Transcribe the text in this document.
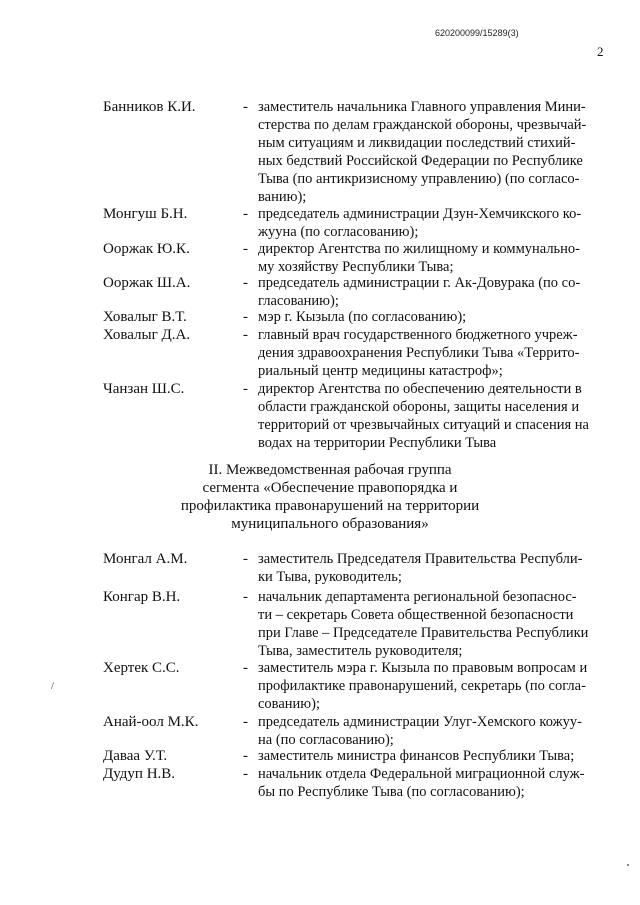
620200099/15289(3)
2
Банников К.И.	- заместитель начальника Главного управления Мини-
стерства по делам гражданской обороны, чрезвычай-
ным ситуациям и ликвидации последствий стихий-
ных бедствий Российской Федерации по Республике
Тыва (по антикризисному управлению) (по согласо-
ванию);
Монгуш Б.Н.	- председатель администрации Дзун-Хемчикского ко-
жууна (по согласованию);
Ооржак Ю.К.	- директор Агентства по жилищному и коммунально-
му хозяйству Республики Тыва;
Ооржак Ш.А.	- председатель администрации г. Ак-Довурака (по со-
гласованию);
Ховалыг В.Т.	- мэр г. Кызыла (по согласованию);
Ховалыг Д.А.	- главный врач государственного бюджетного учреж-
дения здравоохранения Республики Тыва «Террито-
риальный центр медицины катастроф»;
Чанзан Ш.С.	- директор Агентства по обеспечению деятельности в
области гражданской обороны, защиты населения и
территорий от чрезвычайных ситуаций и спасения на
водах на территории Республики Тыва
II. Межведомственная рабочая группа
сегмента «Обеспечение правопорядка и
профилактика правонарушений на территории
муниципального образования»
Монгал А.М.	- заместитель Председателя Правительства Республи-
ки Тыва, руководитель;
Конгар В.Н.	- начальник департамента региональной безопаснос-
ти – секретарь Совета общественной безопасности
при Главе – Председателе Правительства Республики
Тыва, заместитель руководителя;
Хертек С.С.	- заместитель мэра г. Кызыла по правовым вопросам и
профилактике правонарушений, секретарь (по согла-
сованию);
Анай-оол М.К.	- председатель администрации Улуг-Хемского кожуу-
на (по согласованию);
Даваа У.Т.	- заместитель министра финансов Республики Тыва;
Дудуп Н.В.	- начальник отдела Федеральной миграционной служ-
бы по Республике Тыва (по согласованию);
/
